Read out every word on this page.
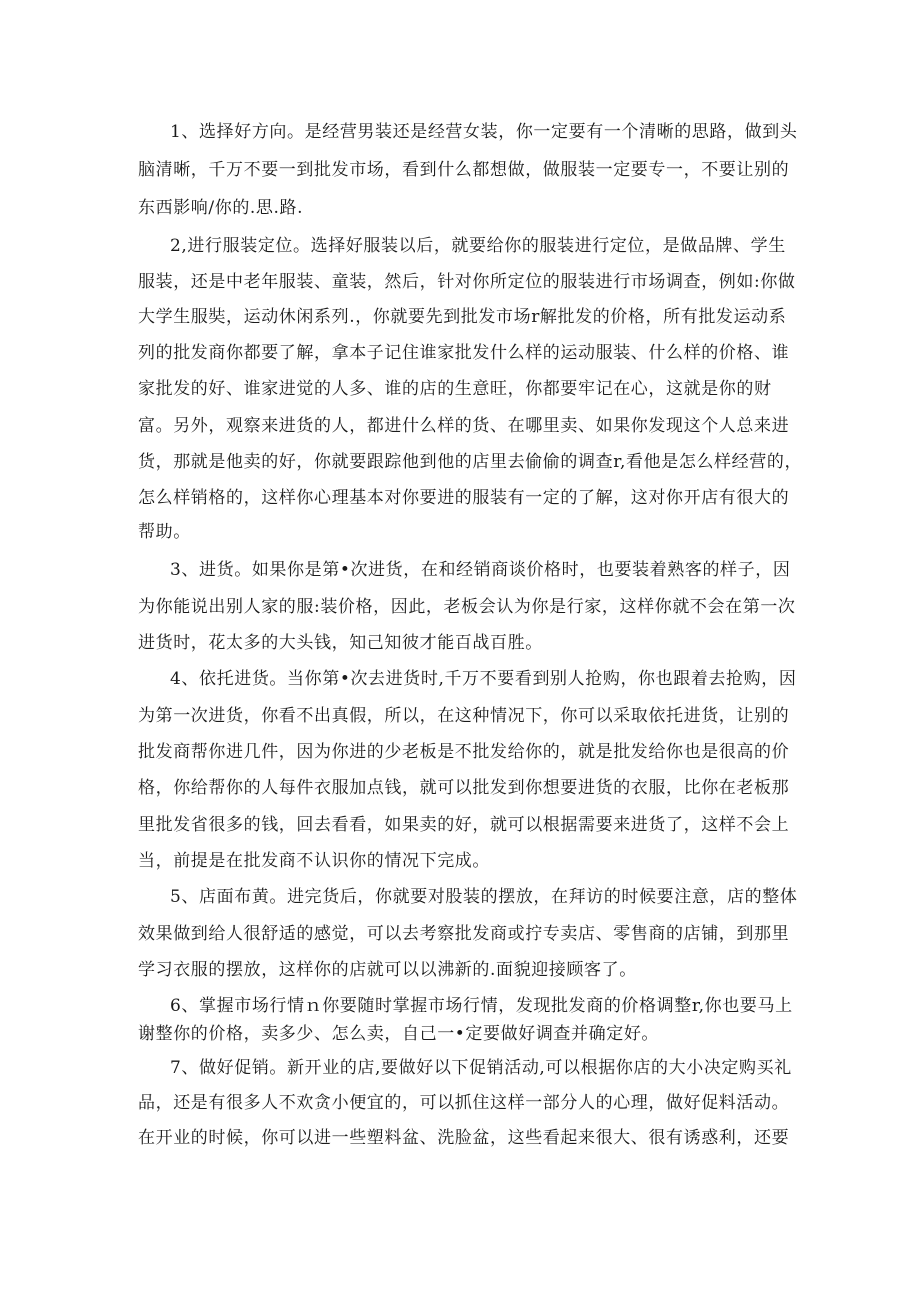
1、选择好方向。是经营男装还是经营女装，你一定要有一个清晰的思路，做到头
脑清晰，千万不要一到批发市场，看到什么都想做，做服装一定要专一，不要让别的
东西影响/你的.思.路.
2,进行服装定位。选择好服装以后，就要给你的服装进行定位，是做品牌、学生
服装，还是中老年服装、童装，然后，针对你所定位的服装进行市场调查，例如:你做
大学生服奘，运动休闲系列.，你就要先到批发市场r解批发的价格，所有批发运动系
列的批发商你都要了解，拿本子记住谁家批发什么样的运动服装、什么样的价格、谁
家批发的好、谁家进觉的人多、谁的店的生意旺，你都要牢记在心，这就是你的财
富。另外，观察来进货的人，都进什么样的货、在哪里卖、如果你发现这个人总来进
货，那就是他卖的好，你就要跟踪他到他的店里去偷偷的调查r,看他是怎么样经营的，
怎么样销格的，这样你心理基本对你要进的服装有一定的了解，这对你开店有很大的
帮助。
3、进货。如果你是第•次进货，在和经销商谈价格时，也要装着熟客的样子，因
为你能说出别人家的服:装价格，因此，老板会认为你是行家，这样你就不会在第一次
进货时，花太多的大头钱，知己知彼才能百战百胜。
4、依托进货。当你第•次去进货时,千万不要看到别人抢购，你也跟着去抢购，因
为第一次进货，你看不出真假，所以，在这种情况下，你可以采取依托进货，让别的
批发商帮你进几件，因为你进的少老板是不批发给你的，就是批发给你也是很高的价
格，你给帮你的人每件衣服加点钱，就可以批发到你想要进货的衣服，比你在老板那
里批发省很多的钱，回去看看，如果卖的好，就可以根据需要来进货了，这样不会上
当，前提是在批发商不认识你的情况下完成。
5、店面布黄。进完货后，你就要对股装的摆放，在拜访的时候要注意，店的整体
效果做到给人很舒适的感觉，可以去考察批发商或拧专卖店、零售商的店铺，到那里
学习衣服的摆放，这样你的店就可以以沸新的.面貌迎接顾客了。
6、掌握市场行情ｎ你要随时掌握市场行情，发现批发商的价格调整r,你也要马上
谢整你的价格，卖多少、怎么卖，自己一•定要做好调查并确定好。
7、做好促销。新开业的店,要做好以下促销活动,可以根据你店的大小决定购买礼
品，还是有很多人不欢贪小便宜的，可以抓住这样一部分人的心理，做好促料活动。
在开业的时候，你可以进一些塑料盆、洗脸盆，这些看起来很大、很有诱惑利，还要
